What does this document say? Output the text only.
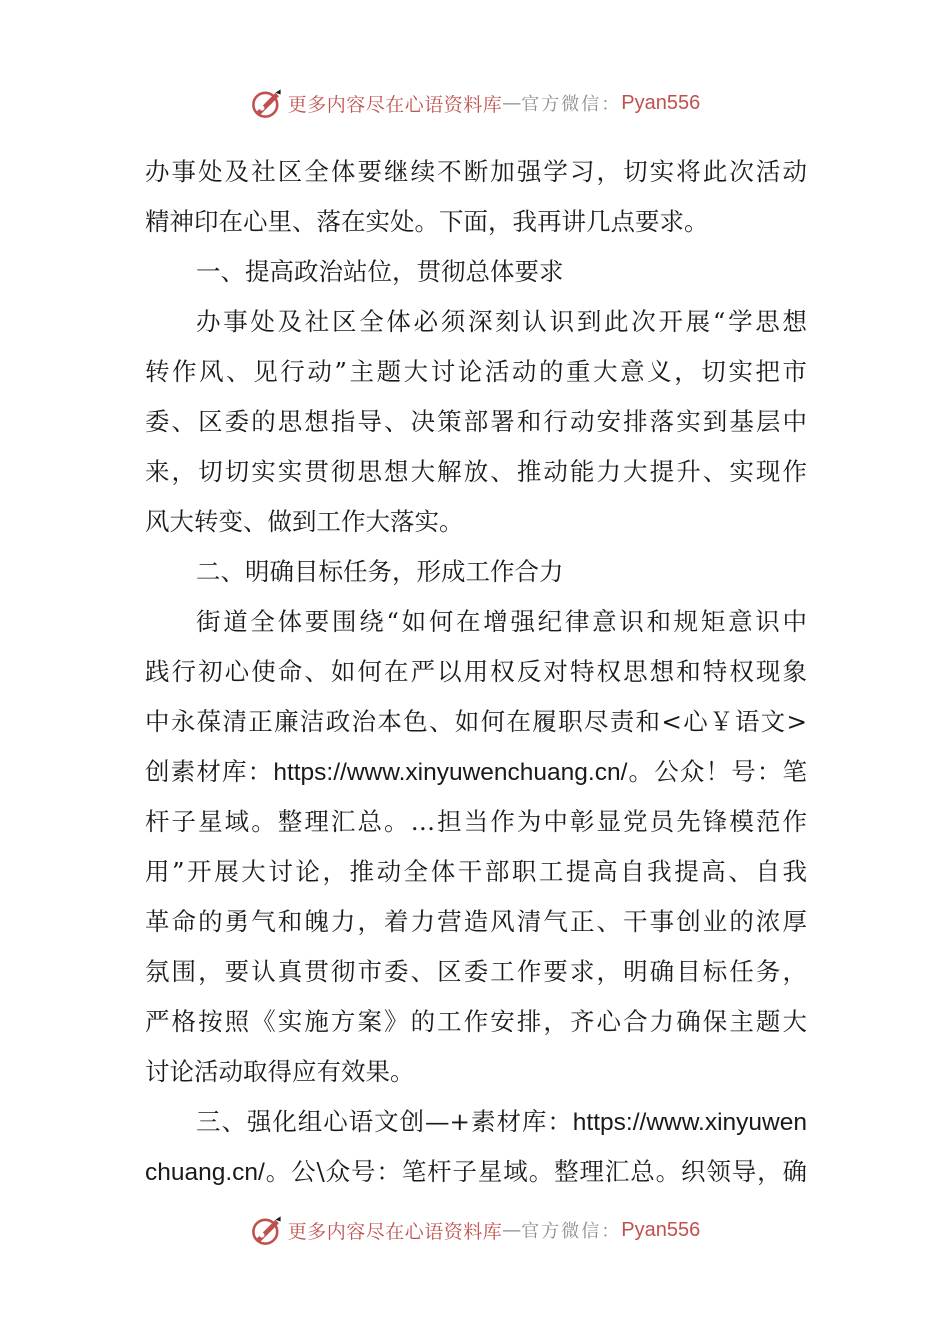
更多内容尽在心语资料库 — 官方微信： Pyan556
办事处及社区全体要继续不断加强学习，切实将此次活动
精神印在心里、落在实处。下面，我再讲几点要求。
一、提高政治站位，贯彻总体要求
办事处及社区全体必须深刻认识到此次开展“学思想
转作风、见行动”主题大讨论活动的重大意义，切实把市
委、区委的思想指导、决策部署和行动安排落实到基层中
来，切切实实贯彻思想大解放、推动能力大提升、实现作
风大转变、做到工作大落实。
二、明确目标任务，形成工作合力
街道全体要围绕“如何在增强纪律意识和规矩意识中
践行初心使命、如何在严以用权反对特权思想和特权现象
中永葆清正廉洁政治本色、如何在履职尽责和<心￥语文>
创素材库：https://www.xinyuwenchuang.cn/。公众！号：笔
杆子星域。整理汇总。…担当作为中彰显党员先锋模范作
用”开展大讨论，推动全体干部职工提高自我提高、自我
革命的勇气和魄力，着力营造风清气正、干事创业的浓厚
氛围，要认真贯彻市委、区委工作要求，明确目标任务，
严格按照《实施方案》的工作安排，齐心合力确保主题大
讨论活动取得应有效果。
三、强化组心语文创—+素材库：https://www.xinyuwen
chuang.cn/。公\众号：笔杆子星域。整理汇总。织领导，确
更多内容尽在心语资料库 — 官方微信： Pyan556
